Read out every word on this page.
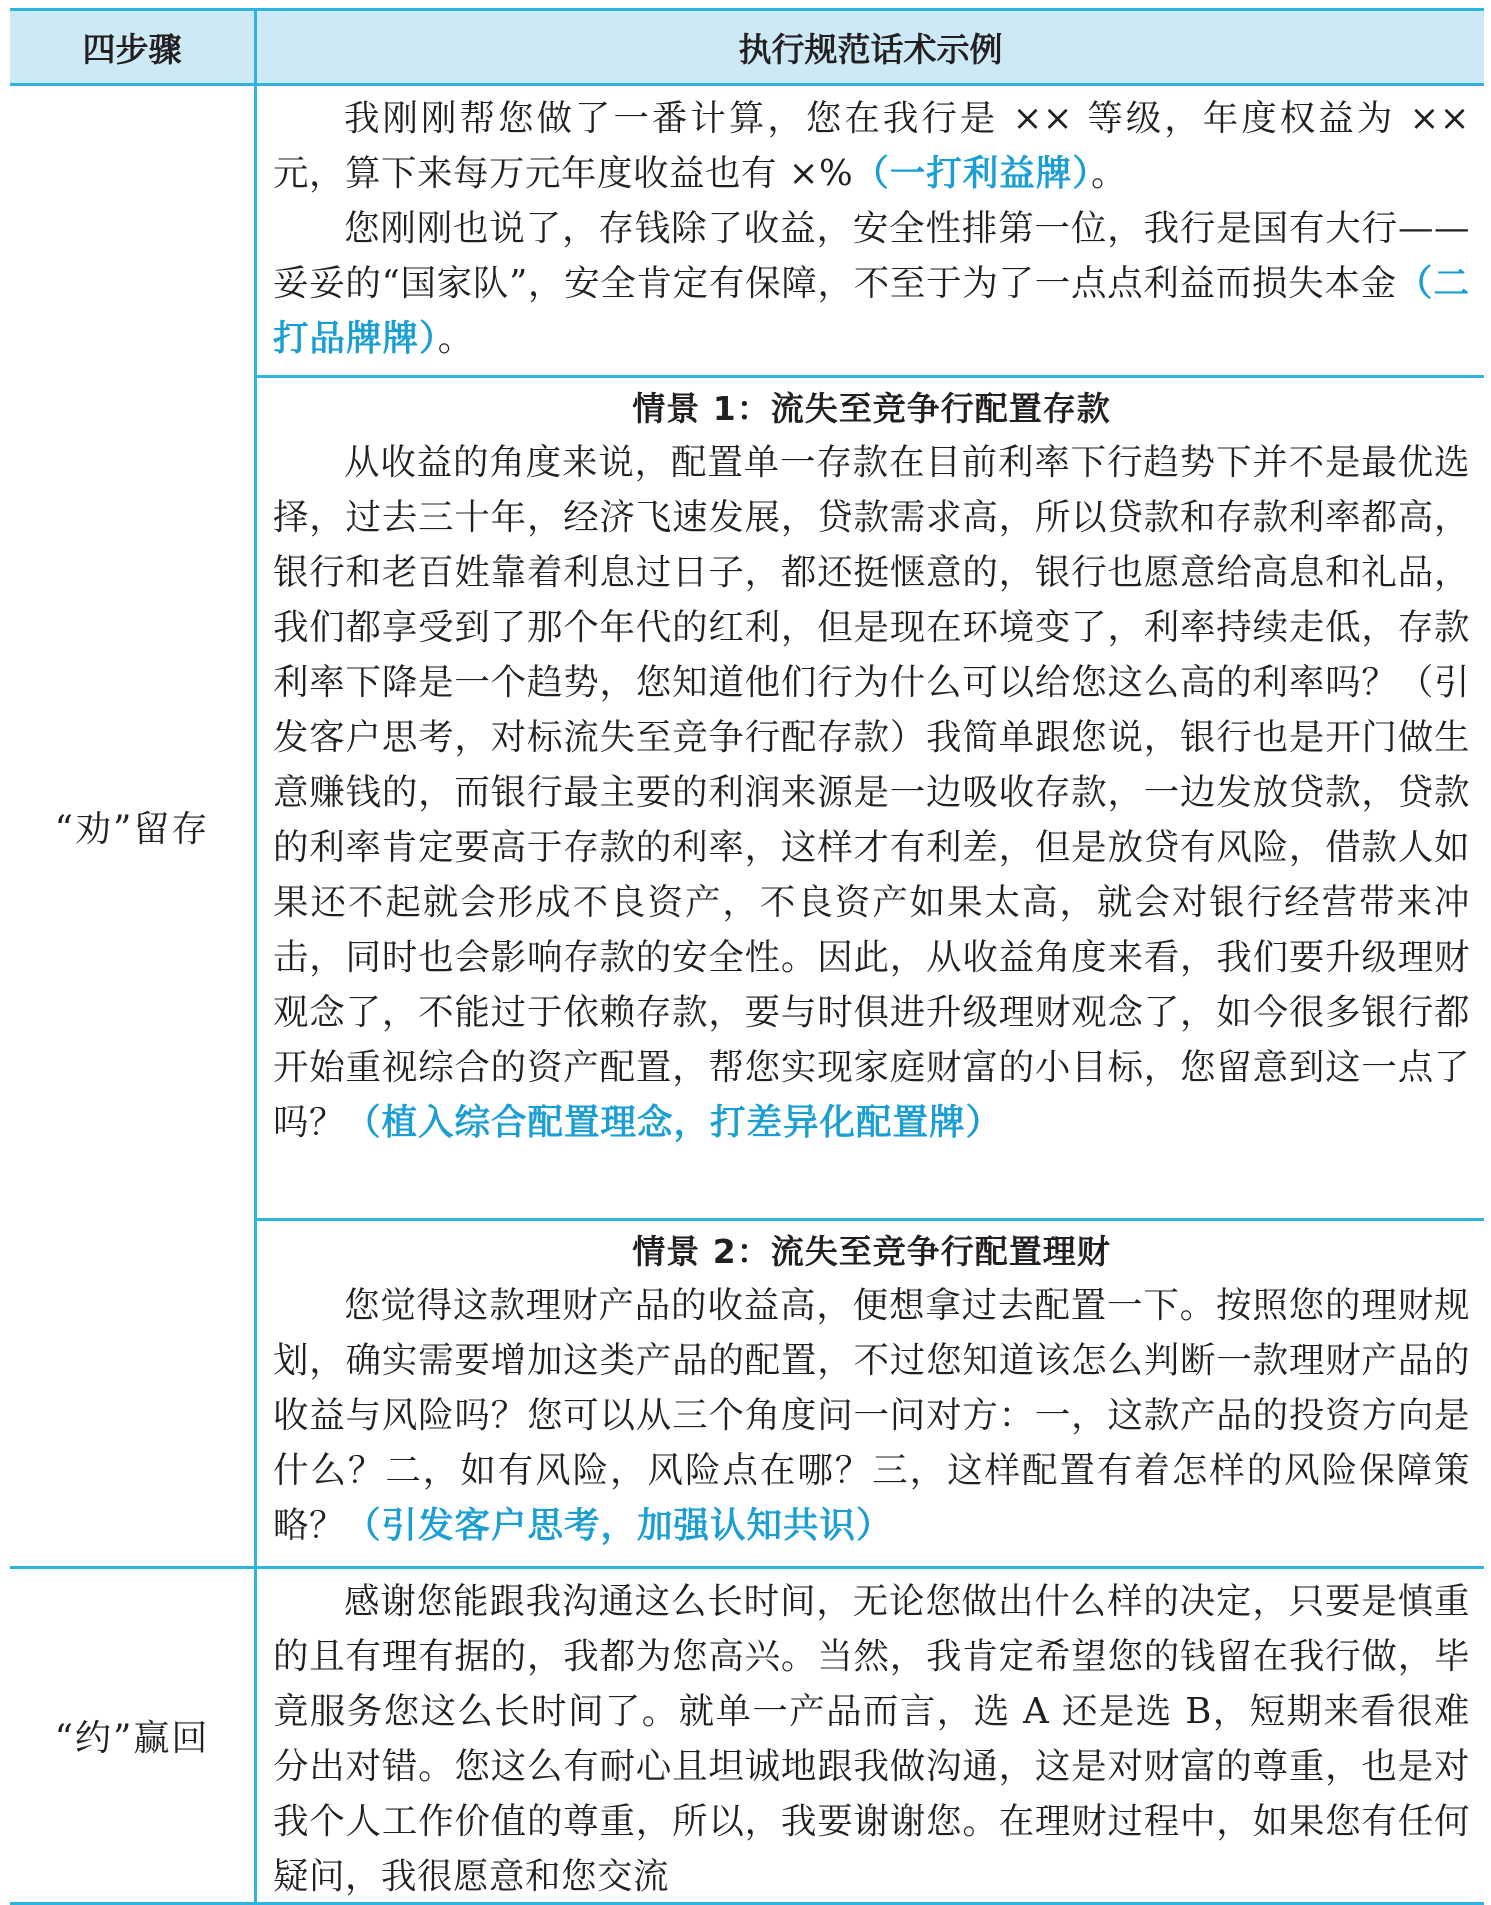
四步骤	执行规范话术示例
“劝”留存

我刚刚帮您做了一番计算，您在我行是 ×× 等级，年度权益为 ×× 元，算下来每万元年度收益也有 ×%（一打利益牌）。

您刚刚也说了，存钱除了收益，安全性排第一位，我行是国有大行——妥妥的“国家队”，安全肯定有保障，不至于为了一点点利益而损失本金（二打品牌牌）。

情景 1：流失至竞争行配置存款

从收益的角度来说，配置单一存款在目前利率下行趋势下并不是最优选择，过去三十年，经济飞速发展，贷款需求高，所以贷款和存款利率都高，银行和老百姓靠着利息过日子，都还挺惬意的，银行也愿意给高息和礼品，我们都享受到了那个年代的红利，但是现在环境变了，利率持续走低，存款利率下降是一个趋势，您知道他们行为什么可以给您这么高的利率吗？（引发客户思考，对标流失至竞争行配存款）我简单跟您说，银行也是开门做生意赚钱的，而银行最主要的利润来源是一边吸收存款，一边发放贷款，贷款的利率肯定要高于存款的利率，这样才有利差，但是放贷有风险，借款人如果还不起就会形成不良资产，不良资产如果太高，就会对银行经营带来冲击，同时也会影响存款的安全性。因此，从收益角度来看，我们要升级理财观念了，不能过于依赖存款，要与时俱进升级理财观念了，如今很多银行都开始重视综合的资产配置，帮您实现家庭财富的小目标，您留意到这一点了吗？（植入综合配置理念，打差异化配置牌）

情景 2：流失至竞争行配置理财

您觉得这款理财产品的收益高，便想拿过去配置一下。按照您的理财规划，确实需要增加这类产品的配置，不过您知道该怎么判断一款理财产品的收益与风险吗？您可以从三个角度问一问对方：一，这款产品的投资方向是什么？二，如有风险，风险点在哪？三，这样配置有着怎样的风险保障策略？（引发客户思考，加强认知共识）

“约”赢回

感谢您能跟我沟通这么长时间，无论您做出什么样的决定，只要是慎重的且有理有据的，我都为您高兴。当然，我肯定希望您的钱留在我行做，毕竟服务您这么长时间了。就单一产品而言，选 A 还是选 B，短期来看很难分出对错。您这么有耐心且坦诚地跟我做沟通，这是对财富的尊重，也是对我个人工作价值的尊重，所以，我要谢谢您。在理财过程中，如果您有任何疑问，我很愿意和您交流
